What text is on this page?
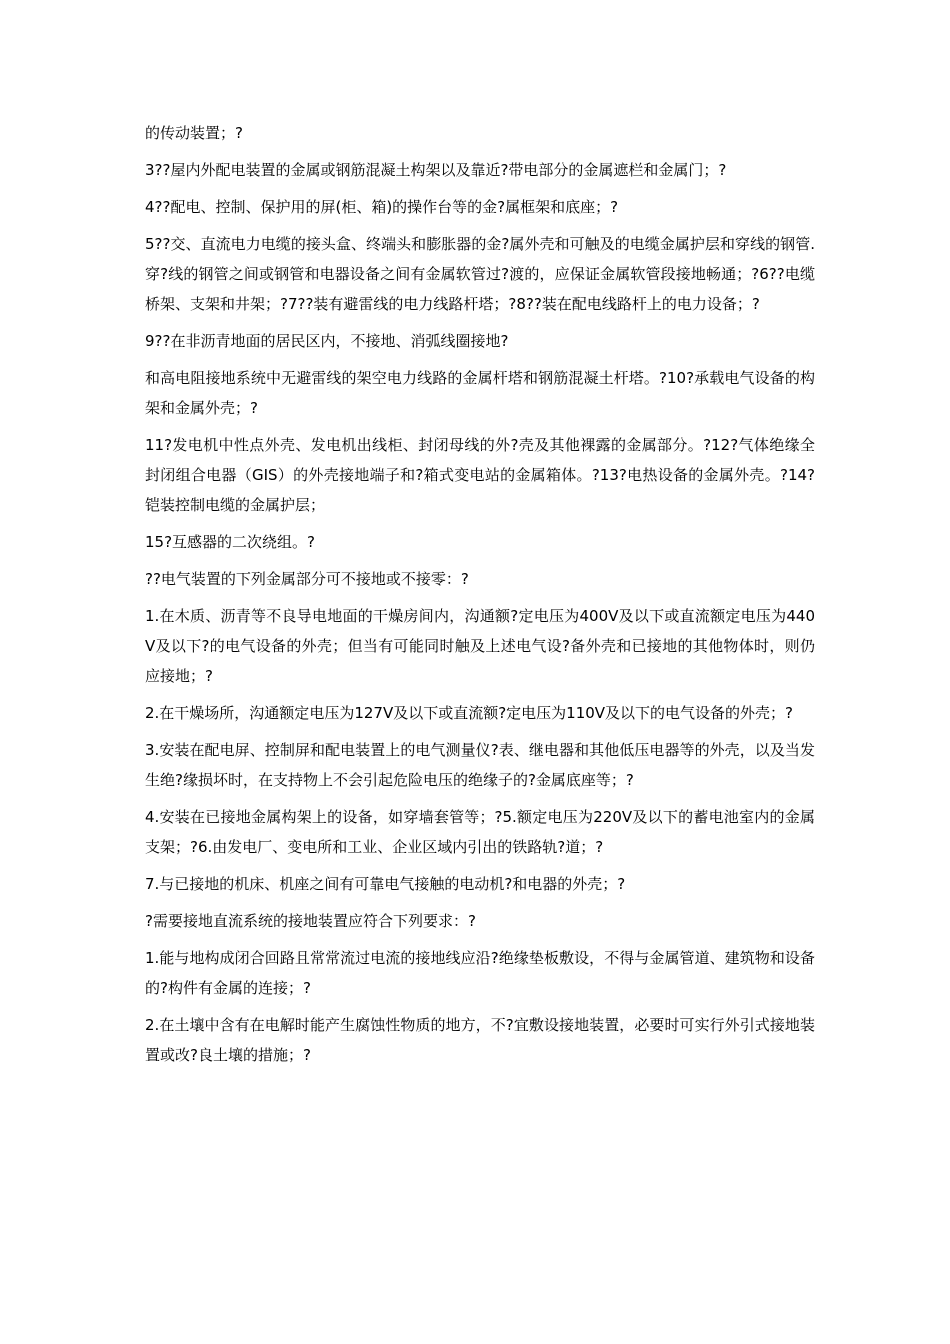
的传动装置；?

3??屋内外配电装置的金属或钢筋混凝土构架以及靠近?带电部分的金属遮栏和金属门；?

4??配电、控制、保护用的屏(柜、箱)的操作台等的金?属框架和底座；?

5??交、直流电力电缆的接头盒、终端头和膨胀器的金?属外壳和可触及的电缆金属护层和穿线的钢管.穿?线的钢管之间或钢管和电器设备之间有金属软管过?渡的，应保证金属软管段接地畅通；?6??电缆桥架、支架和井架；?7??装有避雷线的电力线路杆塔；?8??装在配电线路杆上的电力设备；?

9??在非沥青地面的居民区内，不接地、消弧线圈接地?

和高电阻接地系统中无避雷线的架空电力线路的金属杆塔和钢筋混凝土杆塔。?10?承载电气设备的构架和金属外壳；?

11?发电机中性点外壳、发电机出线柜、封闭母线的外?壳及其他裸露的金属部分。?12?气体绝缘全封闭组合电器（GIS）的外壳接地端子和?箱式变电站的金属箱体。?13?电热设备的金属外壳。?14?铠装控制电缆的金属护层；

15?互感器的二次绕组。?

??电气装置的下列金属部分可不接地或不接零：?

1.在木质、沥青等不良导电地面的干燥房间内，沟通额?定电压为400V及以下或直流额定电压为440V及以下?的电气设备的外壳；但当有可能同时触及上述电气设?备外壳和已接地的其他物体时，则仍应接地；?

2.在干燥场所，沟通额定电压为127V及以下或直流额?定电压为110V及以下的电气设备的外壳；?

3.安装在配电屏、控制屏和配电装置上的电气测量仪?表、继电器和其他低压电器等的外壳，以及当发生绝?缘损坏时，在支持物上不会引起危险电压的绝缘子的?金属底座等；?

4.安装在已接地金属构架上的设备，如穿墙套管等；?5.额定电压为220V及以下的蓄电池室内的金属支架；?6.由发电厂、变电所和工业、企业区域内引出的铁路轨?道；?

7.与已接地的机床、机座之间有可靠电气接触的电动机?和电器的外壳；?

?需要接地直流系统的接地装置应符合下列要求：?

1.能与地构成闭合回路且常常流过电流的接地线应沿?绝缘垫板敷设，不得与金属管道、建筑物和设备的?构件有金属的连接；?

2.在土壤中含有在电解时能产生腐蚀性物质的地方，不?宜敷设接地装置，必要时可实行外引式接地装置或改?良土壤的措施；?
